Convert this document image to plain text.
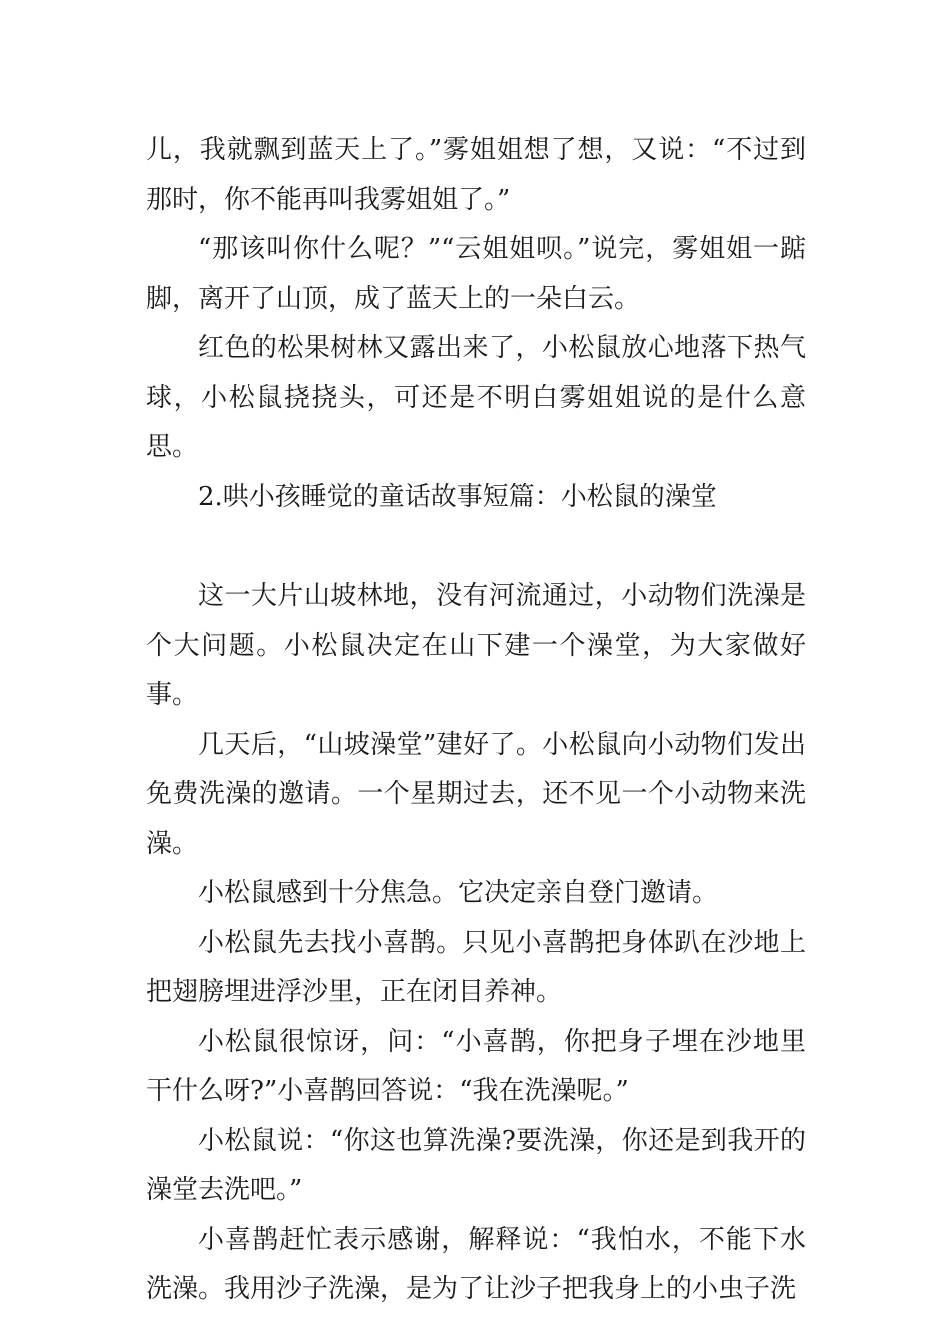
儿，我就飘到蓝天上了。”雾姐姐想了想，又说：“不过到那时，你不能再叫我雾姐姐了。”

“那该叫你什么呢？”“云姐姐呗。”说完，雾姐姐一踮脚，离开了山顶，成了蓝天上的一朵白云。

红色的松果树林又露出来了，小松鼠放心地落下热气球，小松鼠挠挠头，可还是不明白雾姐姐说的是什么意思。

2.哄小孩睡觉的童话故事短篇：小松鼠的澡堂

这一大片山坡林地，没有河流通过，小动物们洗澡是个大问题。小松鼠决定在山下建一个澡堂，为大家做好事。

几天后，“山坡澡堂”建好了。小松鼠向小动物们发出免费洗澡的邀请。一个星期过去，还不见一个小动物来洗澡。

小松鼠感到十分焦急。它决定亲自登门邀请。

小松鼠先去找小喜鹊。只见小喜鹊把身体趴在沙地上把翅膀埋进浮沙里，正在闭目养神。

小松鼠很惊讶，问：“小喜鹊，你把身子埋在沙地里干什么呀?”小喜鹊回答说：“我在洗澡呢。”

小松鼠说：“你这也算洗澡?要洗澡，你还是到我开的澡堂去洗吧。”

小喜鹊赶忙表示感谢，解释说：“我怕水，不能下水洗澡。我用沙子洗澡，是为了让沙子把我身上的小虫子洗
